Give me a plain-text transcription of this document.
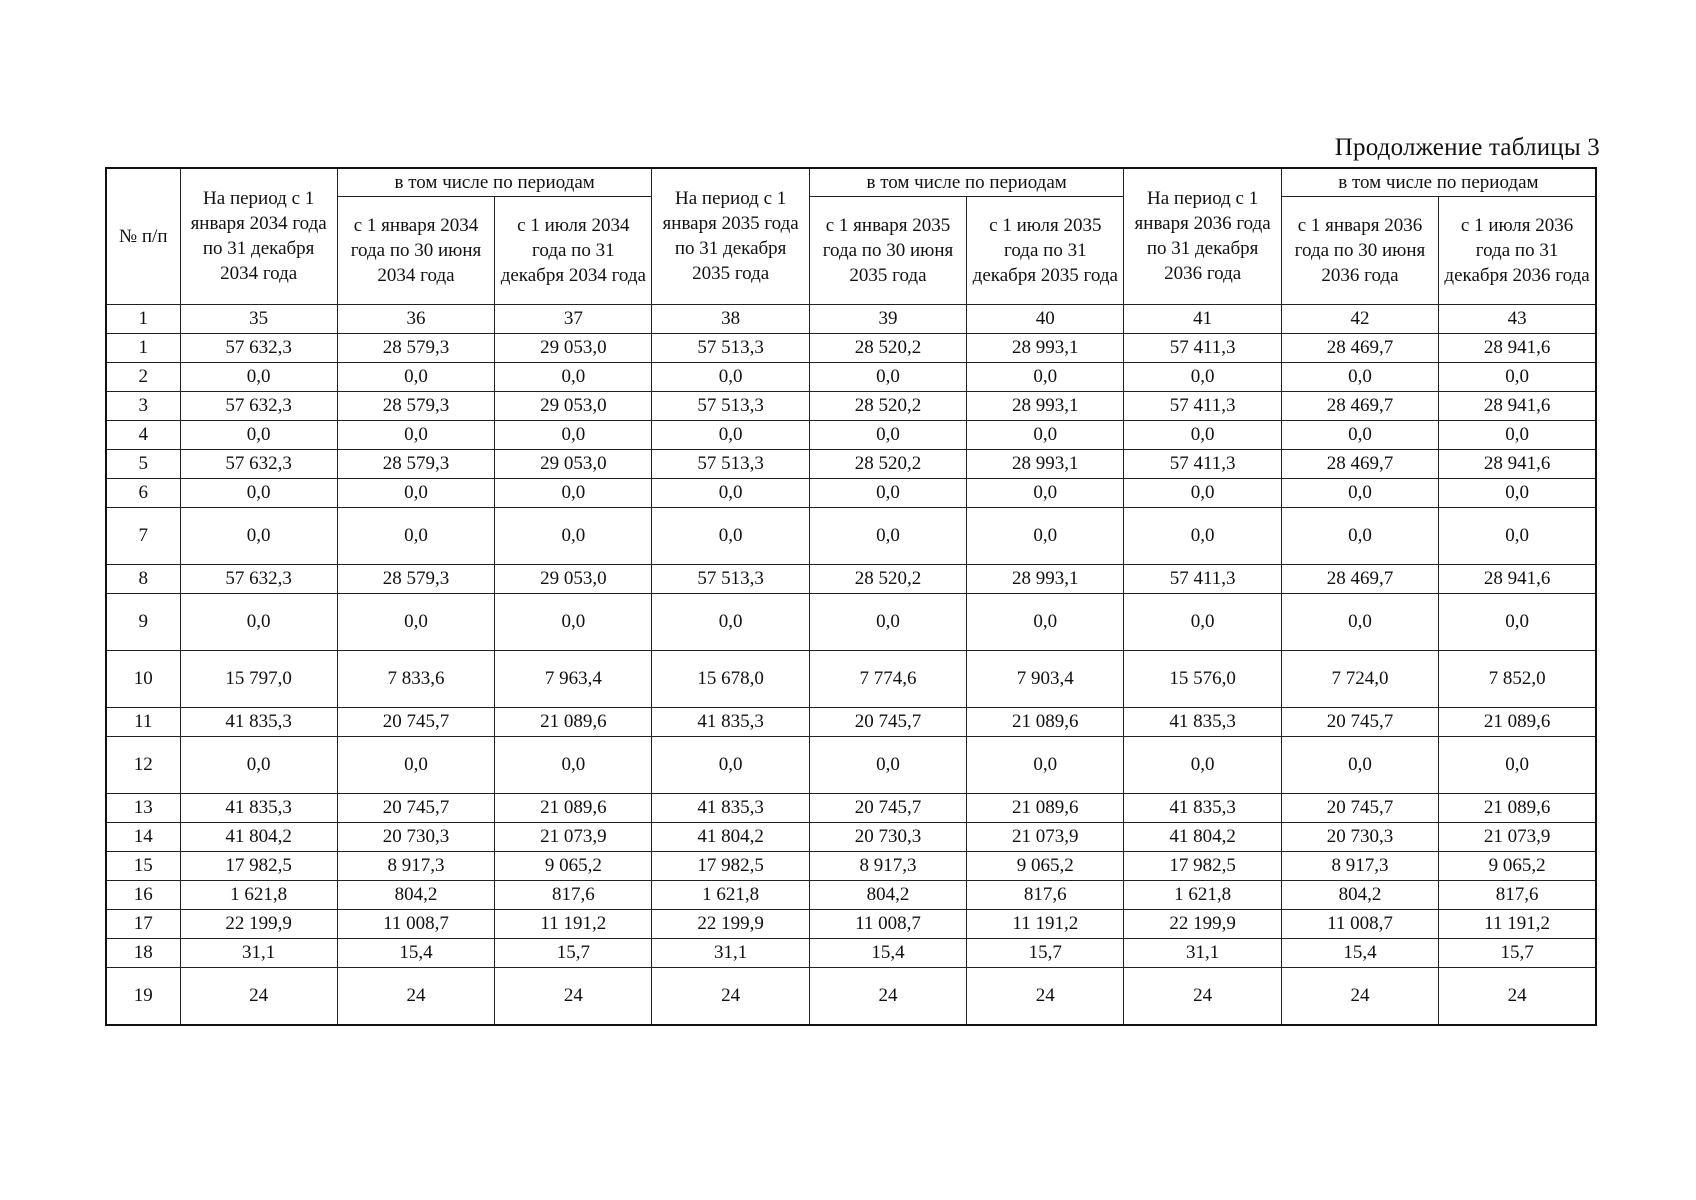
Продолжение таблицы 3
№ п/п	На период с 1 января 2034 года по 31 декабря 2034 года	в том числе по периодам		На период с 1 января 2035 года по 31 декабря 2035 года	в том числе по периодам		На период с 1 января 2036 года по 31 декабря 2036 года	в том числе по периодам	
		с 1 января 2034 года по 30 июня 2034 года	с 1 июля 2034 года по 31 декабря 2034 года		с 1 января 2035 года по 30 июня 2035 года	с 1 июля 2035 года по 31 декабря 2035 года		с 1 января 2036 года по 30 июня 2036 года	с 1 июля 2036 года по 31 декабря 2036 года
1	35	36	37	38	39	40	41	42	43
1	57 632,3	28 579,3	29 053,0	57 513,3	28 520,2	28 993,1	57 411,3	28 469,7	28 941,6
2	0,0	0,0	0,0	0,0	0,0	0,0	0,0	0,0	0,0
3	57 632,3	28 579,3	29 053,0	57 513,3	28 520,2	28 993,1	57 411,3	28 469,7	28 941,6
4	0,0	0,0	0,0	0,0	0,0	0,0	0,0	0,0	0,0
5	57 632,3	28 579,3	29 053,0	57 513,3	28 520,2	28 993,1	57 411,3	28 469,7	28 941,6
6	0,0	0,0	0,0	0,0	0,0	0,0	0,0	0,0	0,0
7	0,0	0,0	0,0	0,0	0,0	0,0	0,0	0,0	0,0
8	57 632,3	28 579,3	29 053,0	57 513,3	28 520,2	28 993,1	57 411,3	28 469,7	28 941,6
9	0,0	0,0	0,0	0,0	0,0	0,0	0,0	0,0	0,0
10	15 797,0	7 833,6	7 963,4	15 678,0	7 774,6	7 903,4	15 576,0	7 724,0	7 852,0
11	41 835,3	20 745,7	21 089,6	41 835,3	20 745,7	21 089,6	41 835,3	20 745,7	21 089,6
12	0,0	0,0	0,0	0,0	0,0	0,0	0,0	0,0	0,0
13	41 835,3	20 745,7	21 089,6	41 835,3	20 745,7	21 089,6	41 835,3	20 745,7	21 089,6
14	41 804,2	20 730,3	21 073,9	41 804,2	20 730,3	21 073,9	41 804,2	20 730,3	21 073,9
15	17 982,5	8 917,3	9 065,2	17 982,5	8 917,3	9 065,2	17 982,5	8 917,3	9 065,2
16	1 621,8	804,2	817,6	1 621,8	804,2	817,6	1 621,8	804,2	817,6
17	22 199,9	11 008,7	11 191,2	22 199,9	11 008,7	11 191,2	22 199,9	11 008,7	11 191,2
18	31,1	15,4	15,7	31,1	15,4	15,7	31,1	15,4	15,7
19	24	24	24	24	24	24	24	24	24
